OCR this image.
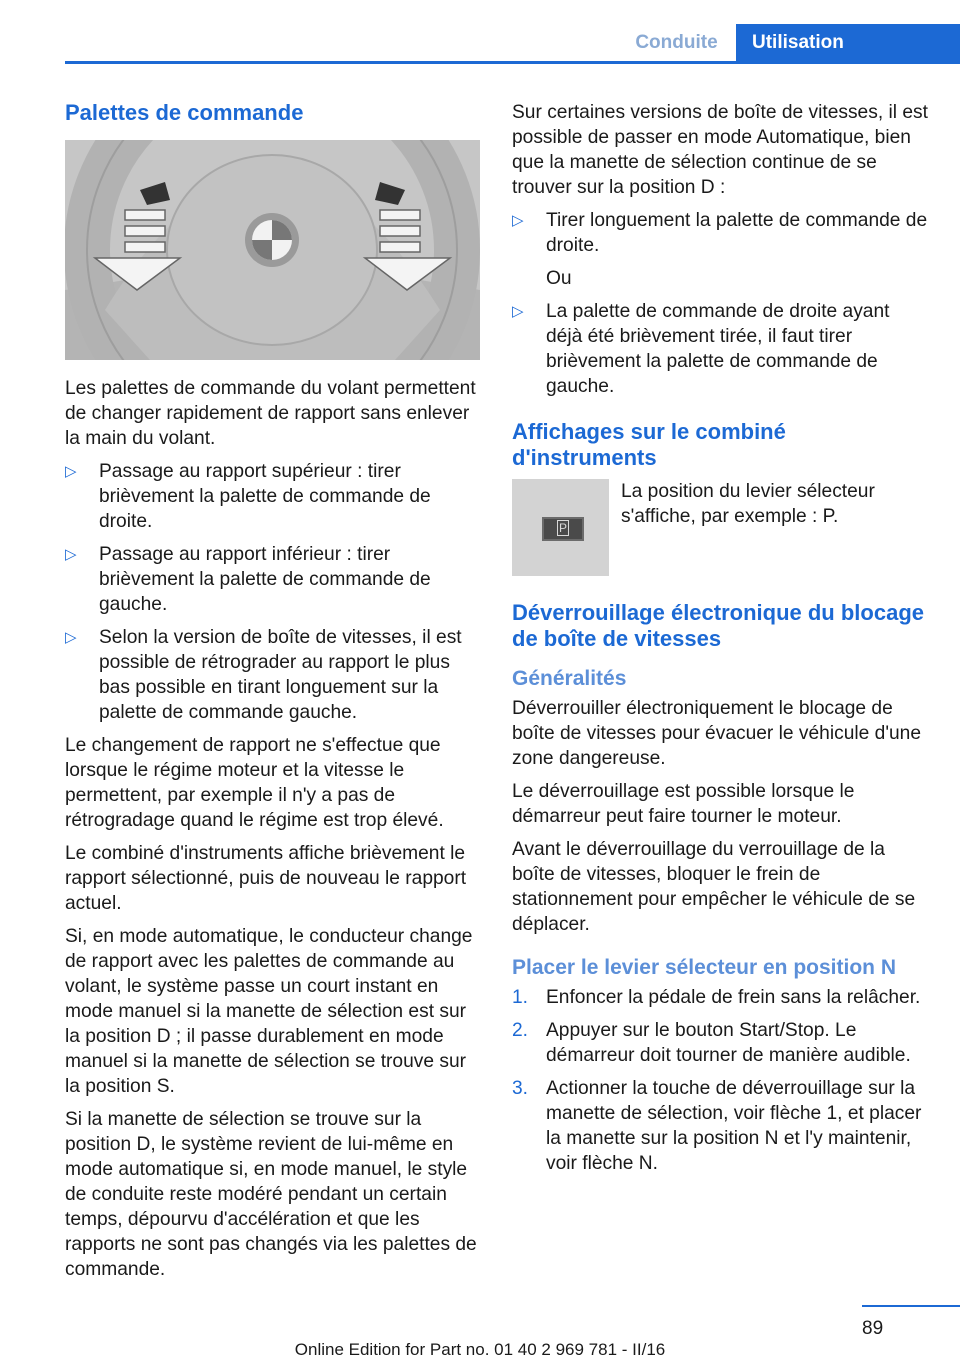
Conduite	Utilisation
Palettes de commande

Les palettes de commande du volant permettent de changer rapidement de rapport sans enlever la main du volant.

▷ Passage au rapport supérieur : tirer brièvement la palette de commande de droite.
▷ Passage au rapport inférieur : tirer brièvement la palette de commande de gauche.
▷ Selon la version de boîte de vitesses, il est possible de rétrograder au rapport le plus bas possible en tirant longuement sur la palette de commande gauche.

Le changement de rapport ne s'effectue que lorsque le régime moteur et la vitesse le permettent, par exemple il n'y a pas de rétrogradage quand le régime est trop élevé.

Le combiné d'instruments affiche brièvement le rapport sélectionné, puis de nouveau le rapport actuel.

Si, en mode automatique, le conducteur change de rapport avec les palettes de commande au volant, le système passe un court instant en mode manuel si la manette de sélection est sur la position D ; il passe durablement en mode manuel si la manette de sélection se trouve sur la position S.

Si la manette de sélection se trouve sur la position D, le système revient de lui-même en mode automatique si, en mode manuel, le style de conduite reste modéré pendant un certain temps, dépourvu d'accélération et que les rapports ne sont pas changés via les palettes de commande.

Sur certaines versions de boîte de vitesses, il est possible de passer en mode Automatique, bien que la manette de sélection continue de se trouver sur la position D :

▷ Tirer longuement la palette de commande de droite.
Ou
▷ La palette de commande de droite ayant déjà été brièvement tirée, il faut tirer brièvement la palette de commande de gauche.
Affichages sur le combiné d'instruments
P

La position du levier sélecteur s'affiche, par exemple : P.

Déverrouillage électronique du blocage de boîte de vitesses
Généralités

Déverrouiller électroniquement le blocage de boîte de vitesses pour évacuer le véhicule d'une zone dangereuse.

Le déverrouillage est possible lorsque le démarreur peut faire tourner le moteur.

Avant le déverrouillage du verrouillage de la boîte de vitesses, bloquer le frein de stationnement pour empêcher le véhicule de se déplacer.

Placer le levier sélecteur en position N
1. Enfoncer la pédale de frein sans la relâcher.
2. Appuyer sur le bouton Start/Stop. Le démarreur doit tourner de manière audible.
3. Actionner la touche de déverrouillage sur la manette de sélection, voir flèche 1, et placer la manette sur la position N et l'y maintenir, voir flèche N.
89
Online Edition for Part no. 01 40 2 969 781 - II/16
